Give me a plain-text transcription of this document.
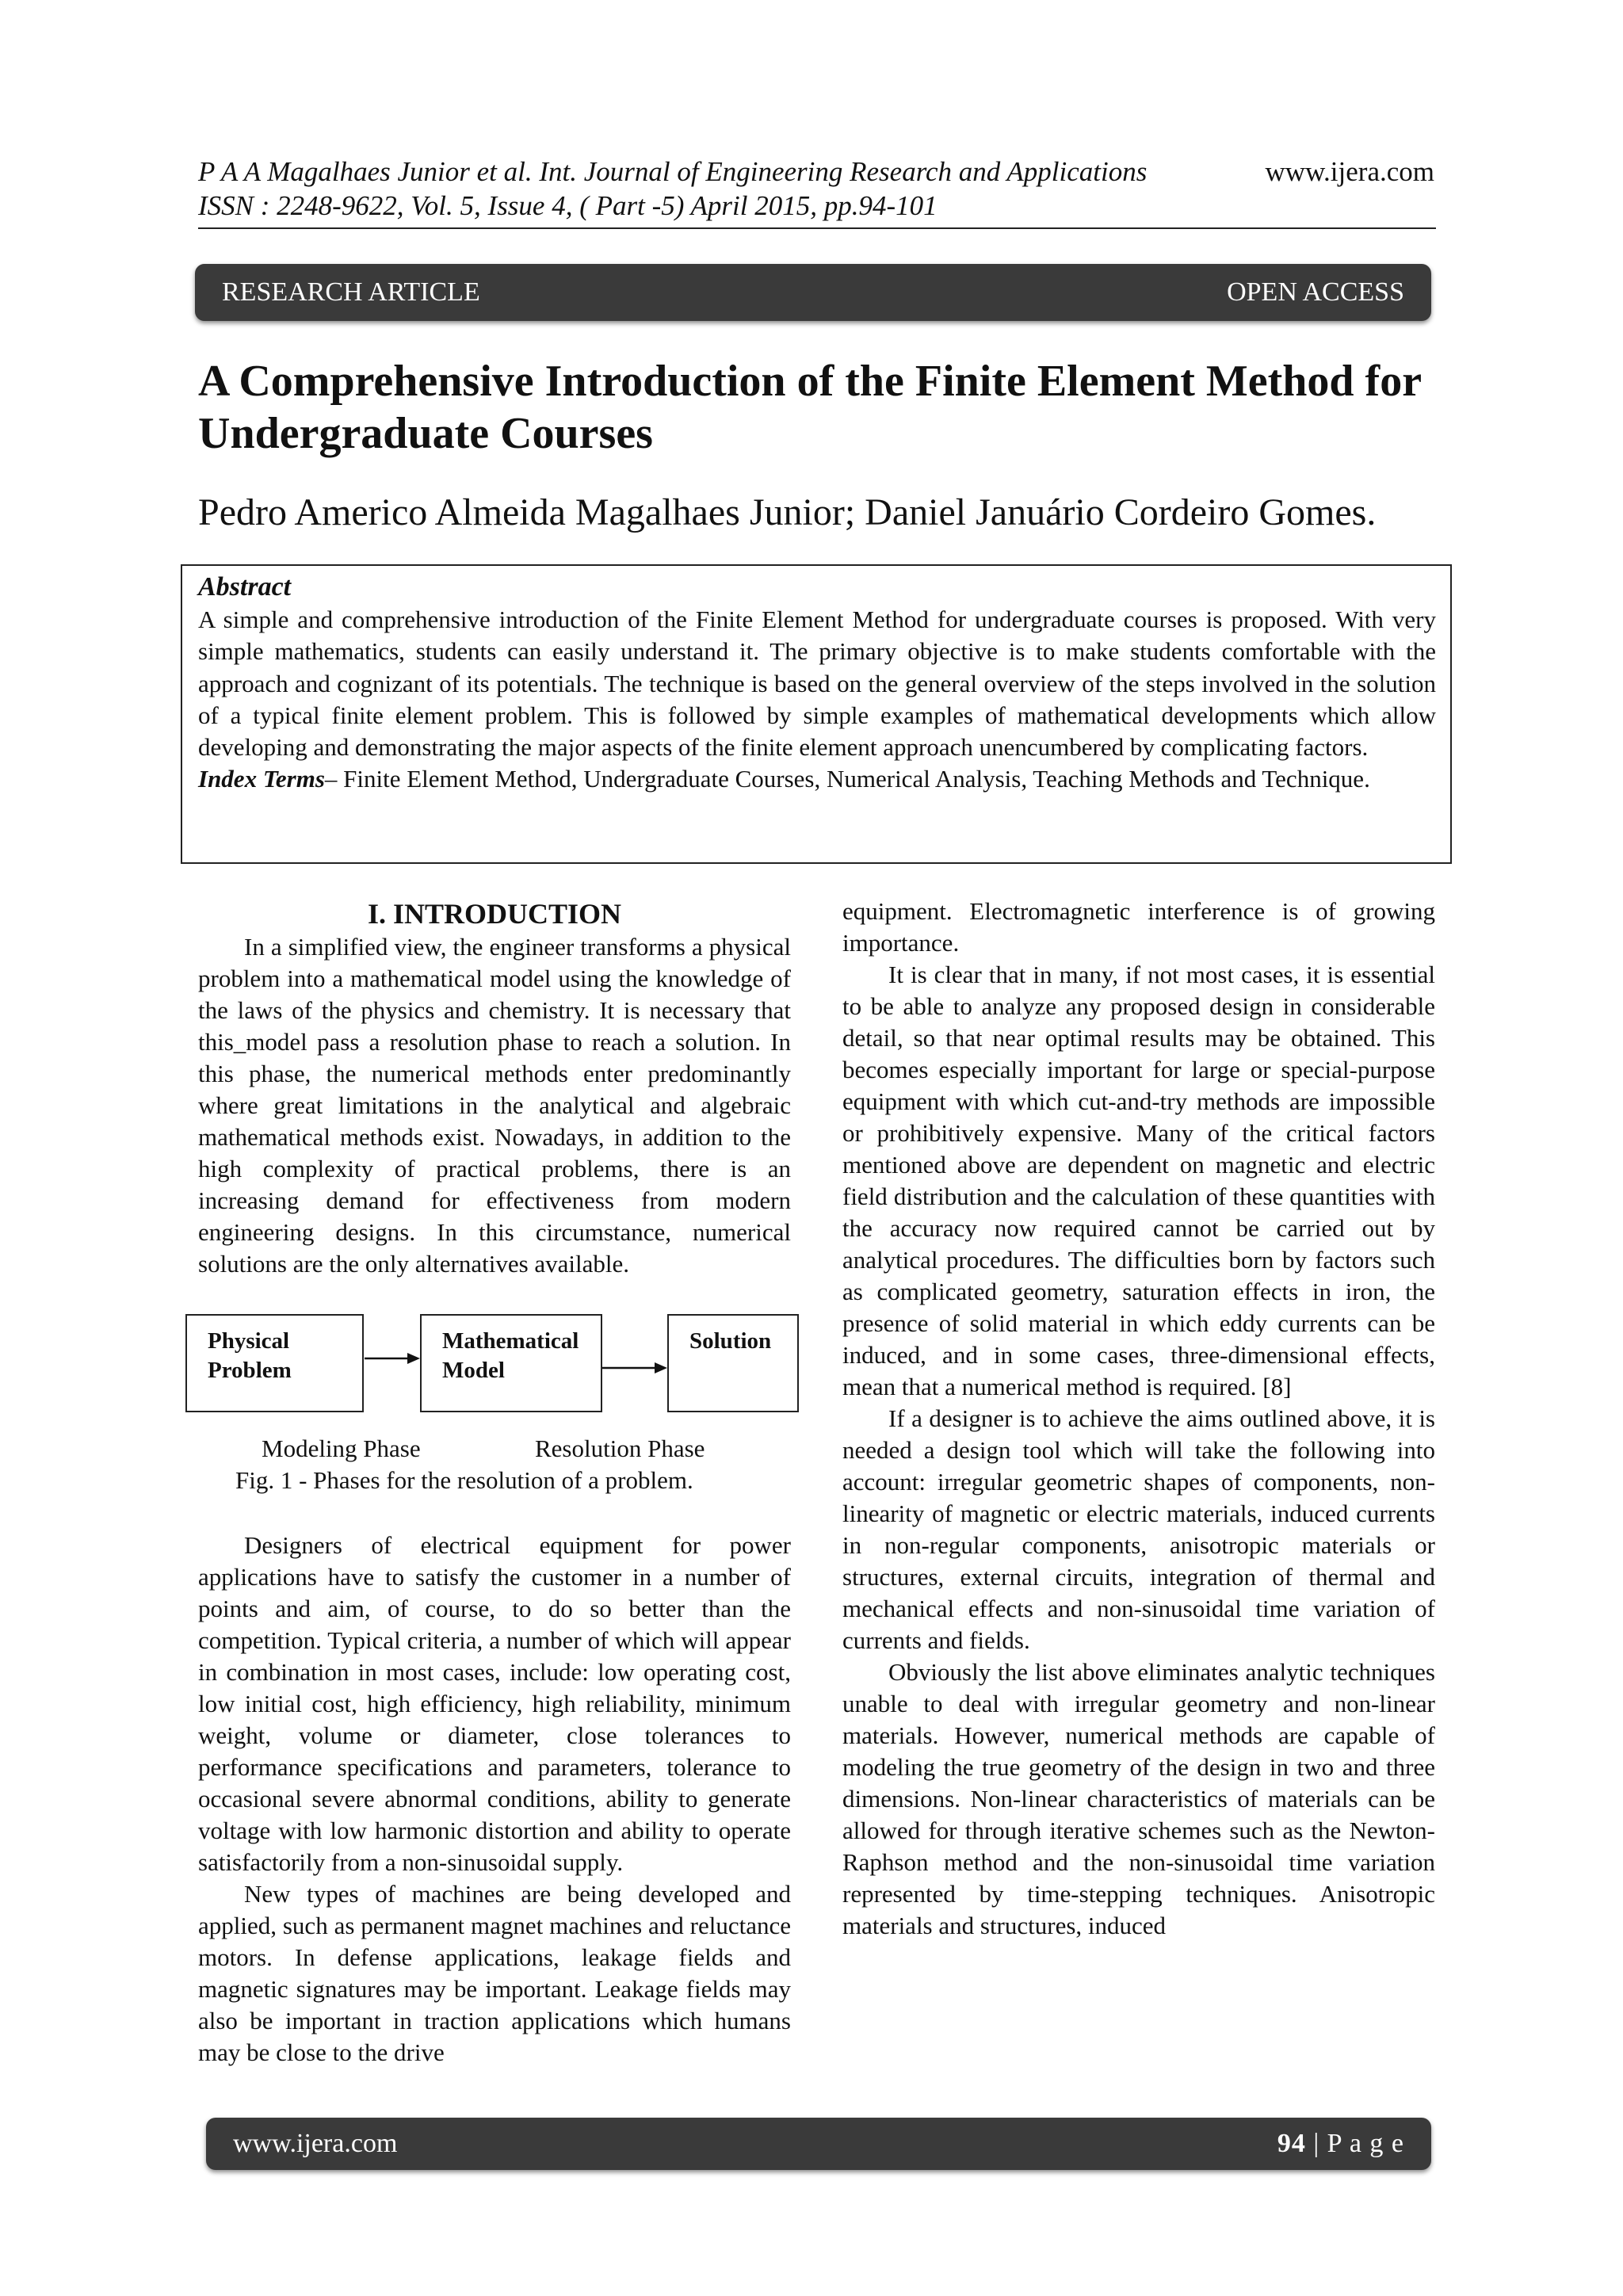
P A A Magalhaes Junior et al. Int. Journal of Engineering Research and Applications	www.ijera.com
ISSN : 2248-9622, Vol. 5, Issue 4, ( Part -5) April 2015, pp.94-101
RESEARCH ARTICLE	OPEN ACCESS
A Comprehensive Introduction of the Finite Element Method for Undergraduate Courses
Pedro Americo Almeida Magalhaes Junior; Daniel Januário Cordeiro Gomes.
Abstract

A simple and comprehensive introduction of the Finite Element Method for undergraduate courses is proposed. With very simple mathematics, students can easily understand it. The primary objective is to make students comfortable with the approach and cognizant of its potentials. The technique is based on the general overview of the steps involved in the solution of a typical finite element problem. This is followed by simple examples of mathematical developments which allow developing and demonstrating the major aspects of the finite element approach unencumbered by complicating factors.

Index Terms– Finite Element Method, Undergraduate Courses, Numerical Analysis, Teaching Methods and Technique.

I. INTRODUCTION

In a simplified view, the engineer transforms a physical problem into a mathematical model using the knowledge of the laws of the physics and chemistry. It is necessary that this_model pass a resolution phase to reach a solution. In this phase, the numerical methods enter predominantly where great limitations in the analytical and algebraic mathematical methods exist. Nowadays, in addition to the high complexity of practical problems, there is an increasing demand for effectiveness from modern engineering designs. In this circumstance, numerical solutions are the only alternatives available.

Physical Problem
Mathematical Model
Solution
Modeling Phase	Resolution Phase
Fig. 1 - Phases for the resolution of a problem.

Designers of electrical equipment for power applications have to satisfy the customer in a number of points and aim, of course, to do so better than the competition. Typical criteria, a number of which will appear in combination in most cases, include: low operating cost, low initial cost, high efficiency, high reliability, minimum weight, volume or diameter, close tolerances to performance specifications and parameters, tolerance to occasional severe abnormal conditions, ability to generate voltage with low harmonic distortion and ability to operate satisfactorily from a non-sinusoidal supply.

New types of machines are being developed and applied, such as permanent magnet machines and reluctance motors. In defense applications, leakage fields and magnetic signatures may be important. Leakage fields may also be important in traction applications which humans may be close to the drive

equipment. Electromagnetic interference is of growing importance.

It is clear that in many, if not most cases, it is essential to be able to analyze any proposed design in considerable detail, so that near optimal results may be obtained. This becomes especially important for large or special-purpose equipment with which cut-and-try methods are impossible or prohibitively expensive. Many of the critical factors mentioned above are dependent on magnetic and electric field distribution and the calculation of these quantities with the accuracy now required cannot be carried out by analytical procedures. The difficulties born by factors such as complicated geometry, saturation effects in iron, the presence of solid material in which eddy currents can be induced, and in some cases, three-dimensional effects, mean that a numerical method is required. [8]

If a designer is to achieve the aims outlined above, it is needed a design tool which will take the following into account: irregular geometric shapes of components, non-linearity of magnetic or electric materials, induced currents in non-regular components, anisotropic materials or structures, external circuits, integration of thermal and mechanical effects and non-sinusoidal time variation of currents and fields.

Obviously the list above eliminates analytic techniques unable to deal with irregular geometry and non-linear materials. However, numerical methods are capable of modeling the true geometry of the design in two and three dimensions. Non-linear characteristics of materials can be allowed for through iterative schemes such as the Newton-Raphson method and the non-sinusoidal time variation represented by time-stepping techniques. Anisotropic materials and structures, induced

www.ijera.com	94 | P a g e
